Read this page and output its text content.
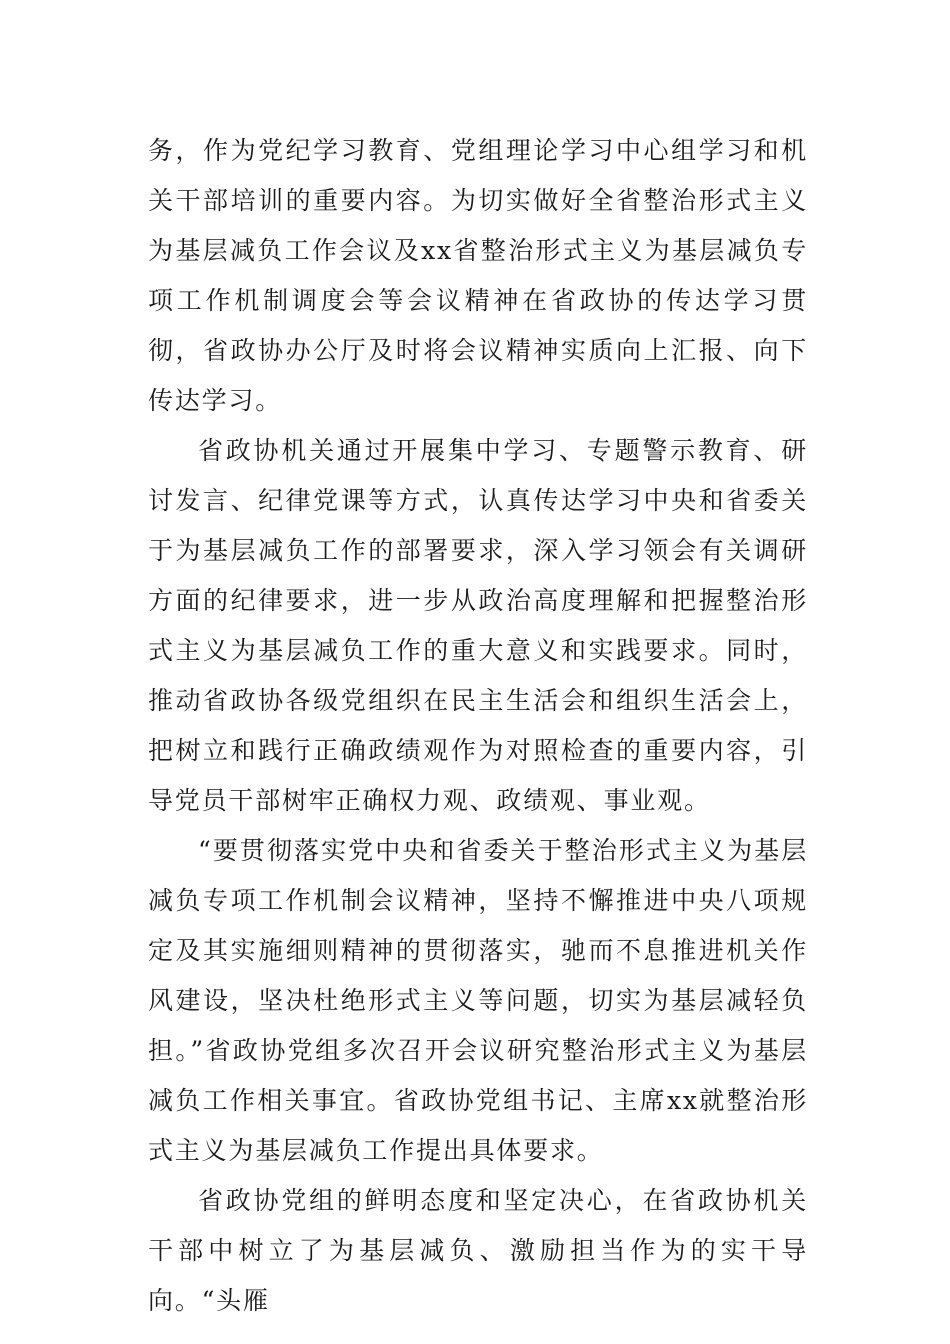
务，作为党纪学习教育、党组理论学习中心组学习和机关干部培训的重要内容。为切实做好全省整治形式主义为基层减负工作会议及xx省整治形式主义为基层减负专项工作机制调度会等会议精神在省政协的传达学习贯彻，省政协办公厅及时将会议精神实质向上汇报、向下传达学习。

省政协机关通过开展集中学习、专题警示教育、研讨发言、纪律党课等方式，认真传达学习中央和省委关于为基层减负工作的部署要求，深入学习领会有关调研方面的纪律要求，进一步从政治高度理解和把握整治形式主义为基层减负工作的重大意义和实践要求。同时，推动省政协各级党组织在民主生活会和组织生活会上，把树立和践行正确政绩观作为对照检查的重要内容，引导党员干部树牢正确权力观、政绩观、事业观。

“要贯彻落实党中央和省委关于整治形式主义为基层减负专项工作机制会议精神，坚持不懈推进中央八项规定及其实施细则精神的贯彻落实，驰而不息推进机关作风建设，坚决杜绝形式主义等问题，切实为基层减轻负担。”省政协党组多次召开会议研究整治形式主义为基层减负工作相关事宜。省政协党组书记、主席xx就整治形式主义为基层减负工作提出具体要求。

省政协党组的鲜明态度和坚定决心，在省政协机关干部中树立了为基层减负、激励担当作为的实干导向。“头雁
